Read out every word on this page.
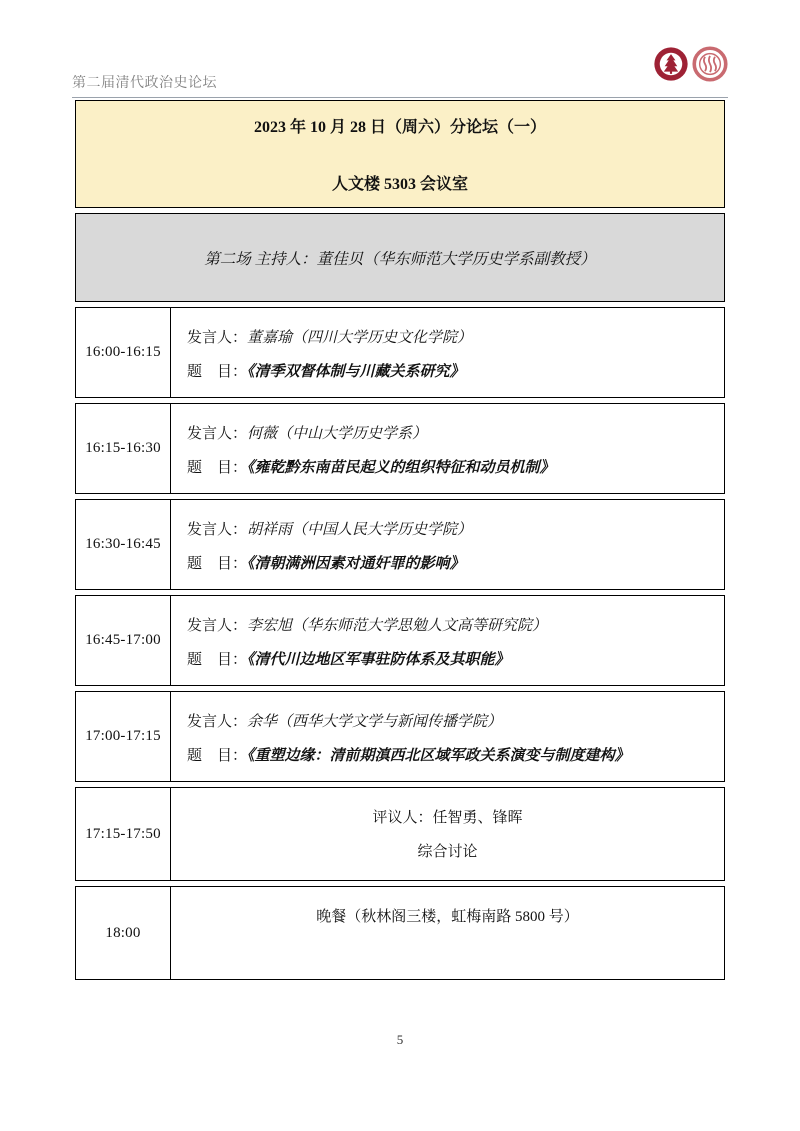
第二届清代政治史论坛
2023 年 10 月 28 日（周六）分论坛（一）
人文楼 5303 会议室
第二场 主持人：董佳贝（华东师范大学历史学系副教授）
16:00-16:15
发言人：董嘉瑜（四川大学历史文化学院）
题　目：《清季双督体制与川藏关系研究》
16:15-16:30
发言人：何薇（中山大学历史学系）
题　目：《雍乾黔东南苗民起义的组织特征和动员机制》
16:30-16:45
发言人：胡祥雨（中国人民大学历史学院）
题　目：《清朝满洲因素对通奸罪的影响》
16:45-17:00
发言人：李宏旭（华东师范大学思勉人文高等研究院）
题　目：《清代川边地区军事驻防体系及其职能》
17:00-17:15
发言人：余华（西华大学文学与新闻传播学院）
题　目：《重塑边缘：清前期滇西北区域军政关系演变与制度建构》
17:15-17:50
评议人：任智勇、锋晖
综合讨论
18:00
晚餐（秋林阁三楼，虹梅南路 5800 号）
5
